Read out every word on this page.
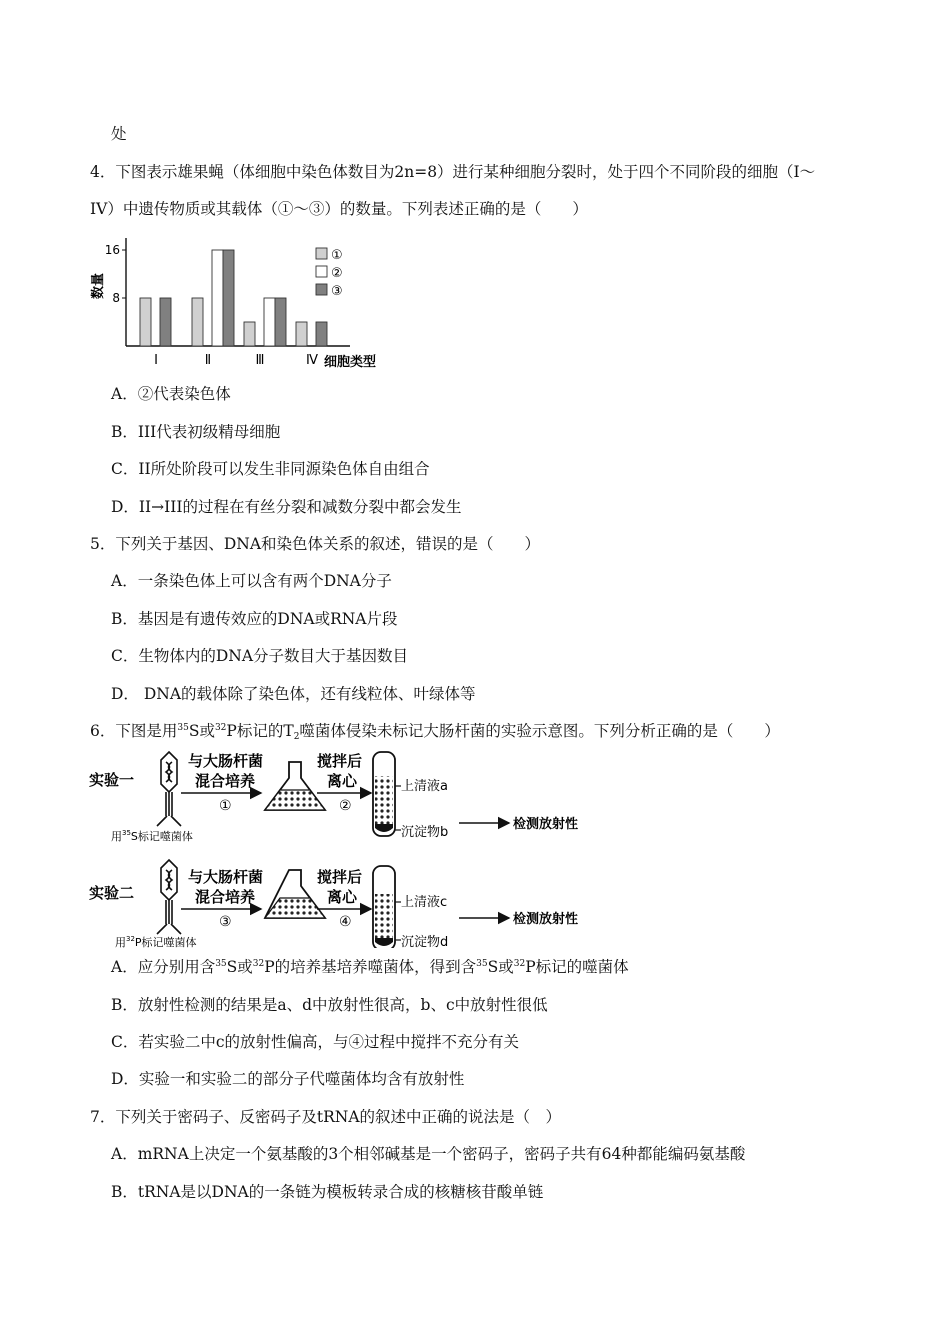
处
4．下图表示雄果蝇（体细胞中染色体数目为2n=8）进行某种细胞分裂时，处于四个不同阶段的细胞（I～
IV）中遗传物质或其载体（①～③）的数量。下列表述正确的是（　　）
8
16
数量
Ⅰ	Ⅱ	Ⅲ	Ⅳ 细胞类型
①
②
③
A．②代表染色体
B．III代表初级精母细胞
C．II所处阶段可以发生非同源染色体自由组合
D．II→III的过程在有丝分裂和减数分裂中都会发生
5．下列关于基因、DNA和染色体关系的叙述，错误的是（　　）
A．一条染色体上可以含有两个DNA分子
B．基因是有遗传效应的DNA或RNA片段
C．生物体内的DNA分子数目大于基因数目
D． DNA的载体除了染色体，还有线粒体、叶绿体等
6．下图是用$^{35}$S或$^{32}$P标记的$T_2$噬菌体侵染未标记大肠杆菌的实验示意图。下列分析正确的是（　　）
实验一
用$^{35}$S标记噬菌体
与大肠杆菌
混合培养
①
搅拌后
离心
②
上清液a
沉淀物b
检测放射性
实验二
用$^{32}$P标记噬菌体
与大肠杆菌
混合培养
③
搅拌后
离心
④
上清液c
沉淀物d
检测放射性
A．应分别用含$^{35}$S或$^{32}$P的培养基培养噬菌体，得到含$^{35}$S或$^{32}$P标记的噬菌体
B．放射性检测的结果是a、d中放射性很高，b、c中放射性很低
C．若实验二中c的放射性偏高，与④过程中搅拌不充分有关
D．实验一和实验二的部分子代噬菌体均含有放射性
7．下列关于密码子、反密码子及tRNA的叙述中正确的说法是（　）
A．mRNA上决定一个氨基酸的3个相邻碱基是一个密码子，密码子共有64种都能编码氨基酸
B．tRNA是以DNA的一条链为模板转录合成的核糖核苷酸单链
